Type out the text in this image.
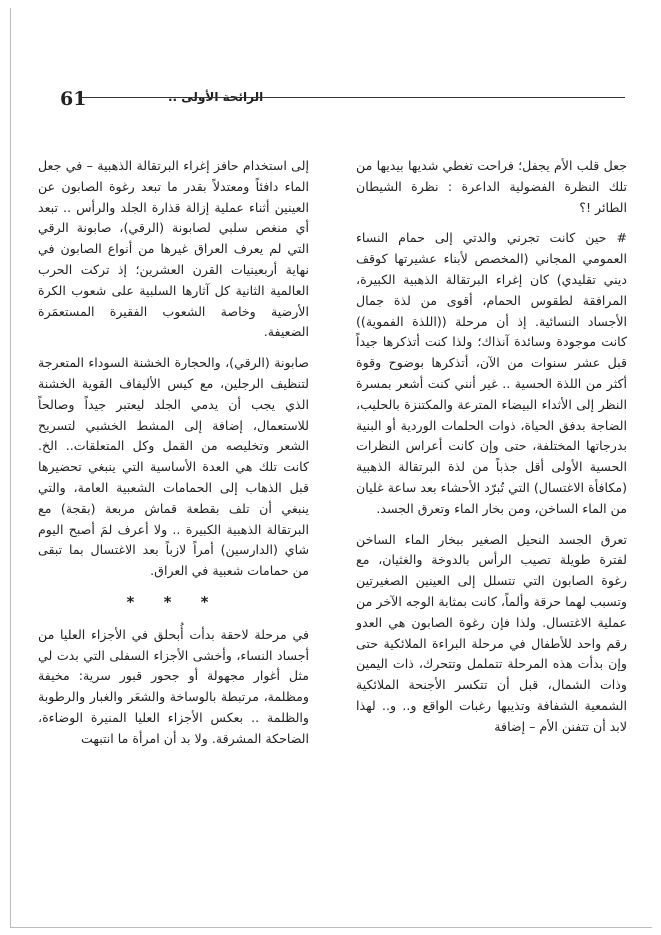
61	الرائحة الأولى ..

جعل قلب الأم يجفل؛ فراحت تغطي شديها بيديها من تلك النظرة الفضولية الداعرة : نظرة الشيطان الطائر !؟

# حين كانت تجرني والدتي إلى حمام النساء العمومي المجاني (المخصص لأبناء عشيرتها كوقف ديني تقليدي) كان إغراء البرتقالة الذهبية الكبيرة، المرافقة لطقوس الحمام، أقوى من لذة جمال الأجساد النسائية. إذ أن مرحلة ((اللذة الفموية)) كانت موجودة وسائدة آنذاك؛ ولذا كنت أتذكرها جيداً قبل عشر سنوات من الآن، أتذكرها بوضوح وقوة أكثر من اللذة الحسية .. غير أنني كنت أشعر بمسرة النظر إلى الأثداء البيضاء المترعة والمكتنزة بالحليب، الضاجة بدفق الحياة، ذوات الحلمات الوردية أو البنية بدرجاتها المختلفة، حتى وإن كانت أعراس النظرات الحسية الأولى أقل جذباً من لذة البرتقالة الذهبية (مكافأة الاغتسال) التي تُبرّد الأحشاء بعد ساعة غليان من الماء الساخن، ومن بخار الماء وتعرق الجسد.

تعرق الجسد النحيل الصغير ببخار الماء الساخن لفترة طويلة تصيب الرأس بالدوخة والغثيان، مع رغوة الصابون التي تتسلل إلى العينين الصغيرتين وتسبب لهما حرقة وألماً، كانت بمثابة الوجه الآخر من عملية الاغتسال. ولذا فإن رغوة الصابون هي العدو رقم واحد للأطفال في مرحلة البراءة الملائكية حتى وإن بدأت هذه المرحلة تتململ وتتحرك، ذات اليمين وذات الشمال، قبل أن تتكسر الأجنحة الملائكية الشمعية الشفافة وتذيبها رغبات الواقع و.. و.. لهذا لابد أن تتفنن الأم – إضافة

إلى استخدام حافز إغراء البرتقالة الذهبية – في جعل الماء دافئاً ومعتدلاً بقدر ما تبعد رغوة الصابون عن العينين أثناء عملية إزالة قذارة الجلد والرأس .. تبعد أي منغص سلبي لصابونة (الرقي)، صابونة الرقي التي لم يعرف العراق غيرها من أنواع الصابون في نهاية أربعينيات القرن العشرين؛ إذ تركت الحرب العالمية الثانية كل آثارها السلبية على شعوب الكرة الأرضية وخاصة الشعوب الفقيرة المستعمَرة الضعيفة.

صابونة (الرقي)، والحجارة الخشنة السوداء المتعرجة لتنظيف الرجلين، مع كيس الأليفاف القوية الخشنة الذي يجب أن يدمي الجلد ليعتبر جيداً وصالحاً للاستعمال، إضافة إلى المشط الخشبي لتسريح الشعر وتخليصه من القمل وكل المتعلقات.. الخ. كانت تلك هي العدة الأساسية التي ينبغي تحضيرها قبل الذهاب إلى الحمامات الشعبية العامة، والتي ينبغي أن تلف بقطعة قماش مربعة (بقجة) مع البرتقالة الذهبية الكبيرة .. ولا أعرف لمَ أصبح اليوم شاي (الدارسين) أمراً لازباً بعد الاغتسال بما تبقى من حمامات شعبية في العراق.

* * *

في مرحلة لاحقة بدأت أُبحلق في الأجزاء العليا من أجساد النساء، وأخشى الأجزاء السفلى التي بدت لي مثل أغوار مجهولة أو جحور قبور سرية: مخيفة ومظلمة، مرتبطة بالوساخة والشعَر والغبار والرطوبة والظلمة .. بعكس الأجزاء العليا المنيرة الوضاءة، الضاحكة المشرقة. ولا بد أن امرأة ما انتبهت
